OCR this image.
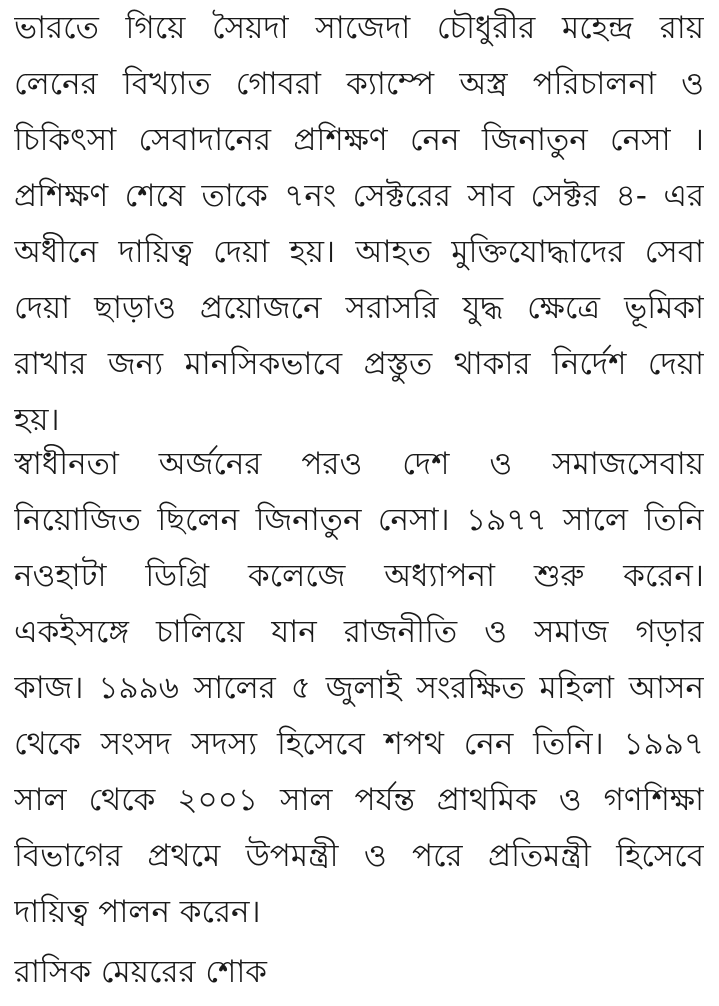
ভারতে গিয়ে সৈয়দা সাজেদা চৌধুরীর মহেন্দ্র রায়
লেনের বিখ্যাত গোবরা ক্যাম্পে অস্ত্র পরিচালনা ও
চিকিৎসা সেবাদানের প্রশিক্ষণ নেন জিনাতুন নেসা ।
প্রশিক্ষণ শেষে তাকে ৭নং সেক্টরের সাব সেক্টর ৪- এর
অধীনে দায়িত্ব দেয়া হয়। আহত মুক্তিযোদ্ধাদের সেবা
দেয়া ছাড়াও প্রয়োজনে সরাসরি যুদ্ধ ক্ষেত্রে ভূমিকা
রাখার জন্য মানসিকভাবে প্রস্তুত থাকার নির্দেশ দেয়া
হয়।

স্বাধীনতা অর্জনের পরও দেশ ও সমাজসেবায়
নিয়োজিত ছিলেন জিনাতুন নেসা। ১৯৭৭ সালে তিনি
নওহাটা ডিগ্রি কলেজে অধ্যাপনা শুরু করেন।
একইসঙ্গে চালিয়ে যান রাজনীতি ও সমাজ গড়ার
কাজ। ১৯৯৬ সালের ৫ জুলাই সংরক্ষিত মহিলা আসন
থেকে সংসদ সদস্য হিসেবে শপথ নেন তিনি। ১৯৯৭
সাল থেকে ২০০১ সাল পর্যন্ত প্রাথমিক ও গণশিক্ষা
বিভাগের প্রথমে উপমন্ত্রী ও পরে প্রতিমন্ত্রী হিসেবে
দায়িত্ব পালন করেন।

রাসিক মেয়রের শোক
